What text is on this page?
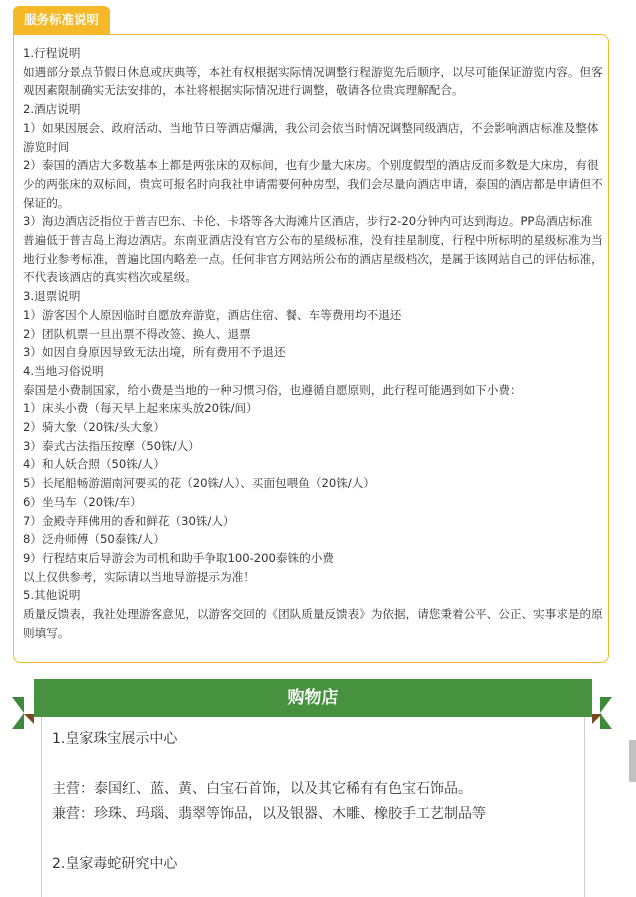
服务标准说明
1.行程说明
如遇部分景点节假日休息或庆典等，本社有权根据实际情况调整行程游览先后顺序，以尽可能保证游览内容。但客观因素限制确实无法安排的，本社将根据实际情况进行调整，敬请各位贵宾理解配合。
2.酒店说明
1）如果因展会、政府活动、当地节日等酒店爆满，我公司会依当时情况调整同级酒店，不会影响酒店标准及整体游览时间
2）泰国的酒店大多数基本上都是两张床的双标间，也有少量大床房。个别度假型的酒店反而多数是大床房，有很少的两张床的双标间，贵宾可报名时向我社申请需要何种房型，我们会尽量向酒店申请，泰国的酒店都是申请但不保证的。
3）海边酒店泛指位于普吉巴东、卡伦、卡塔等各大海滩片区酒店，步行2-20分钟内可达到海边。PP岛酒店标准普遍低于普吉岛上海边酒店。东南亚酒店没有官方公布的星级标准，没有挂星制度，行程中所标明的星级标准为当地行业参考标准，普遍比国内略差一点。任何非官方网站所公布的酒店星级档次，是属于该网站自己的评估标准，不代表该酒店的真实档次或星级。
3.退票说明
1）游客因个人原因临时自愿放弃游览，酒店住宿、餐、车等费用均不退还
2）团队机票一旦出票不得改签、换人、退票
3）如因自身原因导致无法出境，所有费用不予退还
4.当地习俗说明
泰国是小费制国家，给小费是当地的一种习惯习俗，也遵循自愿原则，此行程可能遇到如下小费：
1）床头小费（每天早上起来床头放20铢/间）
2）骑大象（20铢/头大象）
3）泰式古法指压按摩（50铢/人）
4）和人妖合照（50铢/人）
5）长尾船畅游湄南河要买的花（20铢/人）、买面包喂鱼（20铢/人）
6）坐马车（20铢/车）
7）金殿寺拜佛用的香和鲜花（30铢/人）
8）泛舟师傅（50泰铢/人）
9）行程结束后导游会为司机和助手争取100-200泰铢的小费
以上仅供参考，实际请以当地导游提示为准！
5.其他说明
质量反馈表，我社处理游客意见，以游客交回的《团队质量反馈表》为依据，请您秉着公平、公正、实事求是的原则填写。
购物店
1.皇家珠宝展示中心
主营：泰国红、蓝、黄、白宝石首饰，以及其它稀有有色宝石饰品。
兼营：珍珠、玛瑙、翡翠等饰品，以及银器、木雕、橡胶手工艺制品等
2.皇家毒蛇研究中心
